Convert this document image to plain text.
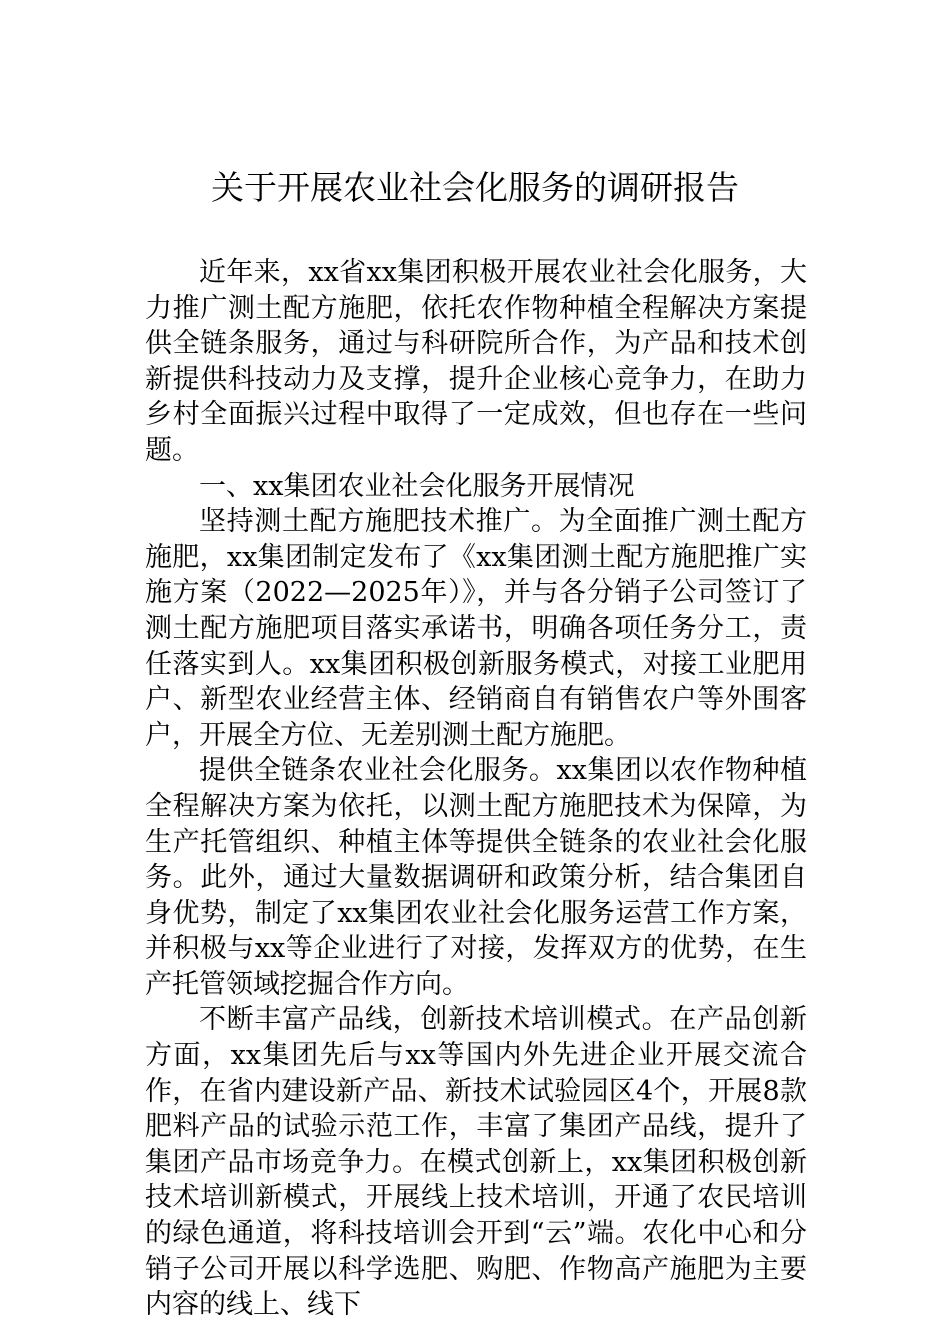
关于开展农业社会化服务的调研报告

近年来，xx省xx集团积极开展农业社会化服务，大力推广测土配方施肥，依托农作物种植全程解决方案提供全链条服务，通过与科研院所合作，为产品和技术创新提供科技动力及支撑，提升企业核心竞争力，在助力乡村全面振兴过程中取得了一定成效，但也存在一些问题。

一、xx集团农业社会化服务开展情况

坚持测土配方施肥技术推广。为全面推广测土配方施肥，xx集团制定发布了《xx集团测土配方施肥推广实施方案（2022—2025年）》，并与各分销子公司签订了测土配方施肥项目落实承诺书，明确各项任务分工，责任落实到人。xx集团积极创新服务模式，对接工业肥用户、新型农业经营主体、经销商自有销售农户等外围客户，开展全方位、无差别测土配方施肥。

提供全链条农业社会化服务。xx集团以农作物种植全程解决方案为依托，以测土配方施肥技术为保障，为生产托管组织、种植主体等提供全链条的农业社会化服务。此外，通过大量数据调研和政策分析，结合集团自身优势，制定了xx集团农业社会化服务运营工作方案，并积极与xx等企业进行了对接，发挥双方的优势，在生产托管领域挖掘合作方向。

不断丰富产品线，创新技术培训模式。在产品创新方面，xx集团先后与xx等国内外先进企业开展交流合作，在省内建设新产品、新技术试验园区4个，开展8款肥料产品的试验示范工作，丰富了集团产品线，提升了集团产品市场竞争力。在模式创新上，xx集团积极创新技术培训新模式，开展线上技术培训，开通了农民培训的绿色通道，将科技培训会开到“云”端。农化中心和分销子公司开展以科学选肥、购肥、作物高产施肥为主要内容的线上、线下
